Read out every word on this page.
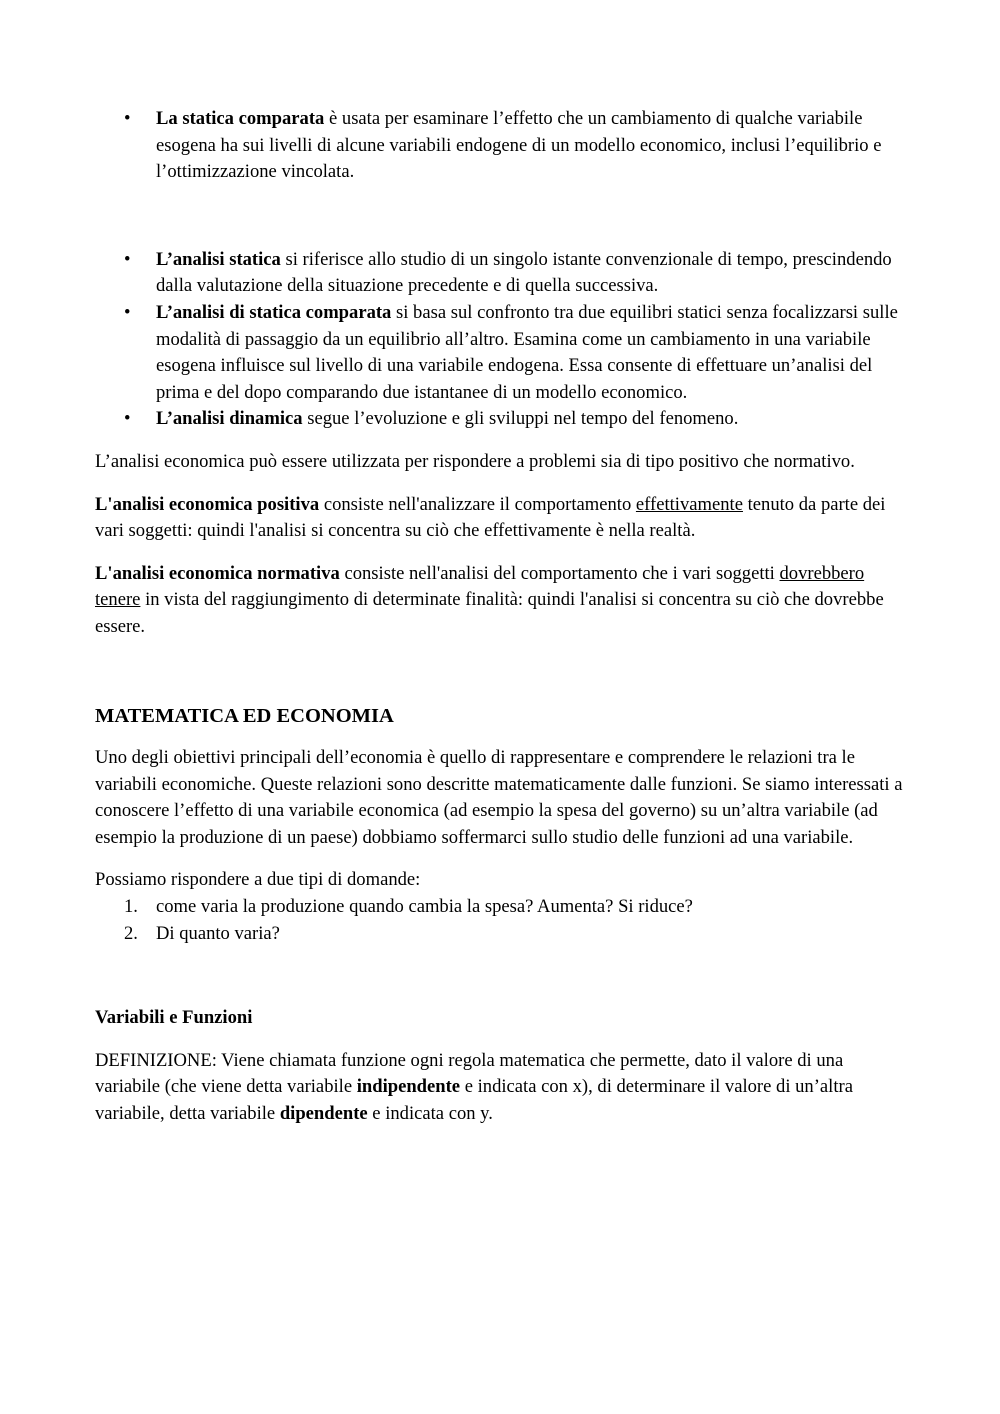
• La statica comparata è usata per esaminare l’effetto che un cambiamento di qualche variabile esogena ha sui livelli di alcune variabili endogene di un modello economico, inclusi l’equilibrio e l’ottimizzazione vincolata.
• L’analisi statica si riferisce allo studio di un singolo istante convenzionale di tempo, prescindendo dalla valutazione della situazione precedente e di quella successiva.
• L’analisi di statica comparata si basa sul confronto tra due equilibri statici senza focalizzarsi sulle modalità di passaggio da un equilibrio all’altro. Esamina come un cambiamento in una variabile esogena influisce sul livello di una variabile endogena. Essa consente di effettuare un’analisi del prima e del dopo comparando due istantanee di un modello economico.
• L’analisi dinamica segue l’evoluzione e gli sviluppi nel tempo del fenomeno.

L’analisi economica può essere utilizzata per rispondere a problemi sia di tipo positivo che normativo.

L'analisi economica positiva consiste nell'analizzare il comportamento effettivamente tenuto da parte dei vari soggetti: quindi l'analisi si concentra su ciò che effettivamente è nella realtà.

L'analisi economica normativa consiste nell'analisi del comportamento che i vari soggetti dovrebbero tenere in vista del raggiungimento di determinate finalità: quindi l'analisi si concentra su ciò che dovrebbe essere.

MATEMATICA ED ECONOMIA

Uno degli obiettivi principali dell’economia è quello di rappresentare e comprendere le relazioni tra le variabili economiche. Queste relazioni sono descritte matematicamente dalle funzioni. Se siamo interessati a conoscere l’effetto di una variabile economica (ad esempio la spesa del governo) su un’altra variabile (ad esempio la produzione di un paese) dobbiamo soffermarci sullo studio delle funzioni ad una variabile.

Possiamo rispondere a due tipi di domande:

1. come varia la produzione quando cambia la spesa? Aumenta? Si riduce?
2. Di quanto varia?

Variabili e Funzioni

DEFINIZIONE: Viene chiamata funzione ogni regola matematica che permette, dato il valore di una variabile (che viene detta variabile indipendente e indicata con x), di determinare il valore di un’altra variabile, detta variabile dipendente e indicata con y.
